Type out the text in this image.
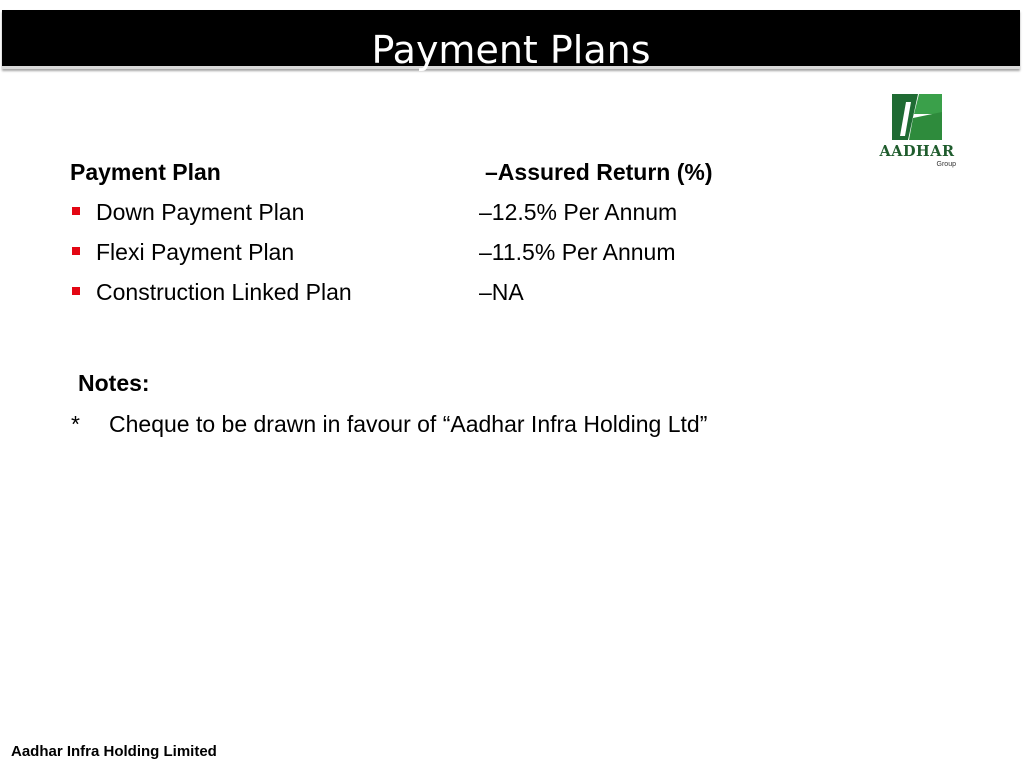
Payment Plans
AADHAR
Group
Payment Plan	–Assured Return (%)
Down Payment Plan	–12.5% Per Annum
Flexi Payment Plan	–11.5% Per Annum
Construction Linked Plan	–NA
Notes:
* Cheque to be drawn in favour of “Aadhar Infra Holding Ltd”
Aadhar Infra Holding Limited
